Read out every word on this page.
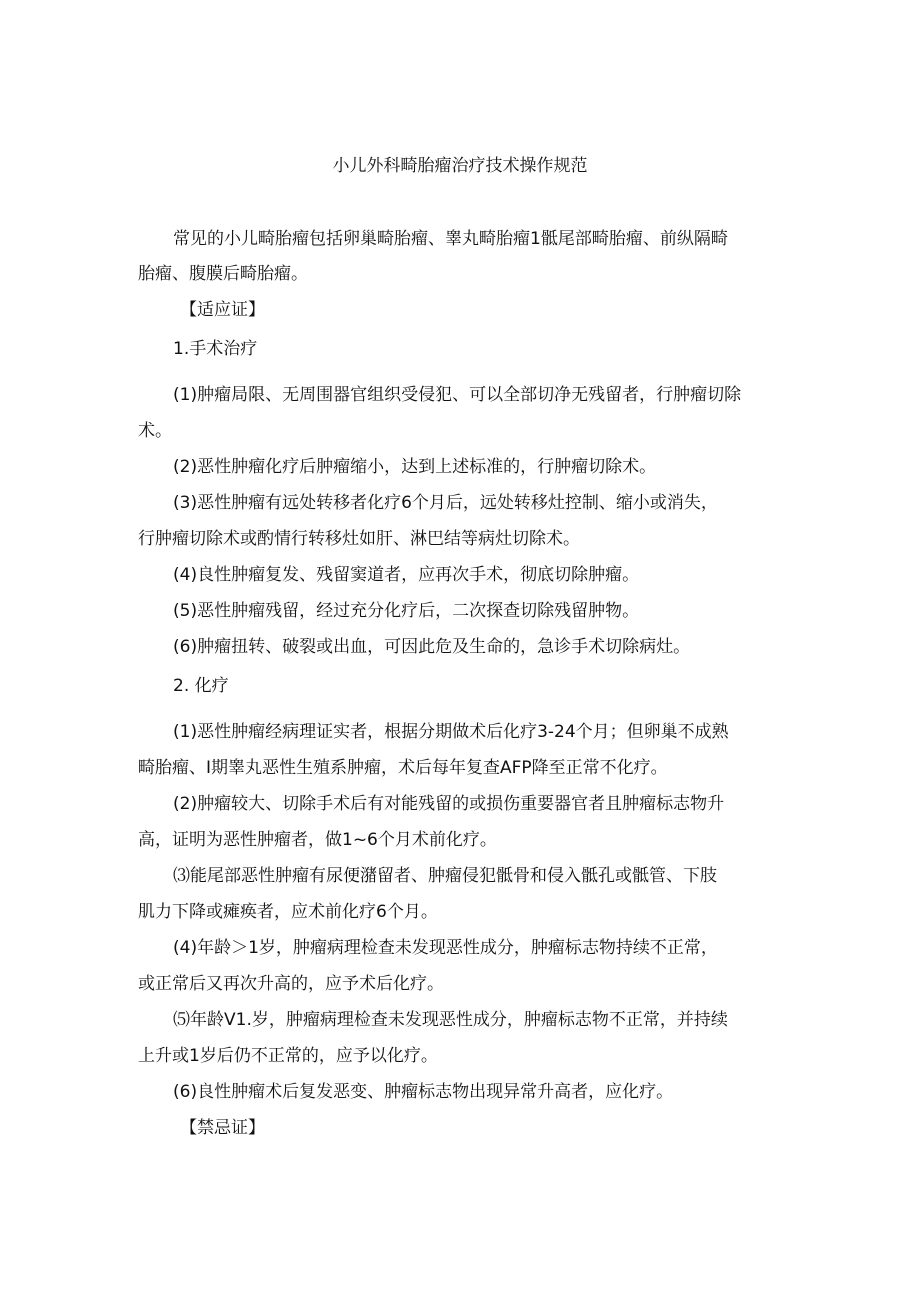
小儿外科畸胎瘤治疗技术操作规范
常见的小儿畸胎瘤包括卵巢畸胎瘤、睾丸畸胎瘤1骶尾部畸胎瘤、前纵隔畸
胎瘤、腹膜后畸胎瘤。
【适应证】
1.手术治疗
(1)肿瘤局限、无周围器官组织受侵犯、可以全部切净无残留者，行肿瘤切除
术。
(2)恶性肿瘤化疗后肿瘤缩小，达到上述标准的，行肿瘤切除术。
(3)恶性肿瘤有远处转移者化疗6个月后，远处转移灶控制、缩小或消失，
行肿瘤切除术或酌情行转移灶如肝、淋巴结等病灶切除术。
(4)良性肿瘤复发、残留窦道者，应再次手术，彻底切除肿瘤。
(5)恶性肿瘤残留，经过充分化疗后，二次探查切除残留肿物。
(6)肿瘤扭转、破裂或出血，可因此危及生命的，急诊手术切除病灶。
2. 化疗
(1)恶性肿瘤经病理证实者，根据分期做术后化疗3-24个月；但卵巢不成熟
畸胎瘤、I期睾丸恶性生殖系肿瘤，术后每年复查AFP降至正常不化疗。
(2)肿瘤较大、切除手术后有对能残留的或损伤重要器官者且肿瘤标志物升
高，证明为恶性肿瘤者，做1~6个月术前化疗。
⑶能尾部恶性肿瘤有尿便潴留者、肿瘤侵犯骶骨和侵入骶孔或骶管、下肢
肌力下降或瘫痪者，应术前化疗6个月。
(4)年龄＞1岁，肿瘤病理检查未发现恶性成分，肿瘤标志物持续不正常，
或正常后又再次升高的，应予术后化疗。
⑸年龄V1.岁，肿瘤病理检查未发现恶性成分，肿瘤标志物不正常，并持续
上升或1岁后仍不正常的，应予以化疗。
(6)良性肿瘤术后复发恶变、肿瘤标志物出现异常升高者，应化疗。
【禁忌证】
